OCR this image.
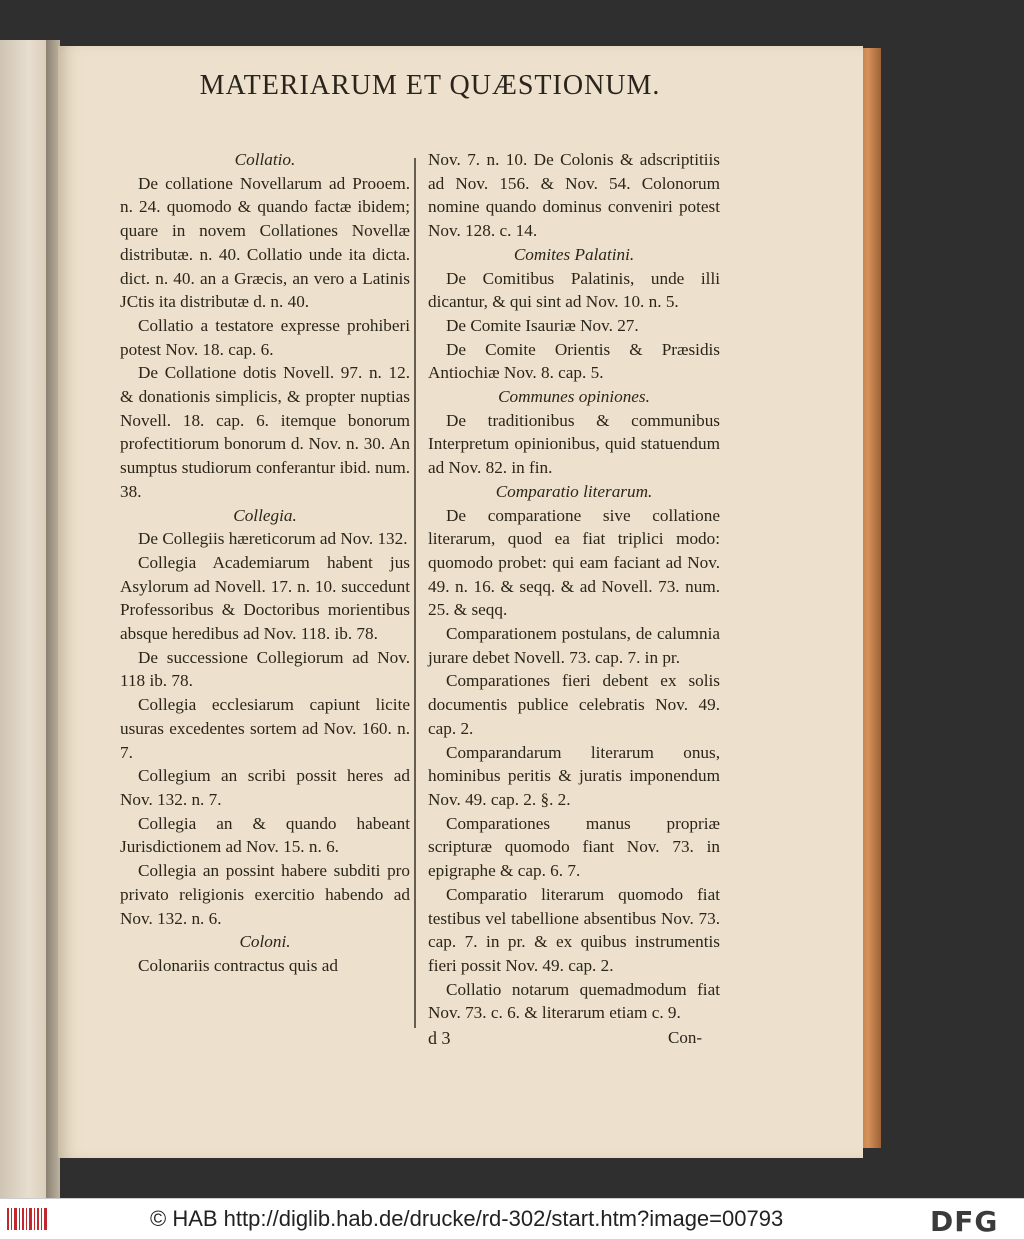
MATERIARUM ET QUÆSTIONUM.

Collatio.

De collatione Novellarum ad Prooem. n. 24. quomodo & quando factæ ibidem; quare in novem Collationes Novellæ distributæ. n. 40. Collatio unde ita dicta. dict. n. 40. an a Græcis, an vero a Latinis JCtis ita distributæ d. n. 40.

Collatio a testatore expresse prohiberi potest Nov. 18. cap. 6.

De Collatione dotis Novell. 97. n. 12. & donationis simplicis, & propter nuptias Novell. 18. cap. 6. itemque bonorum profectitiorum bonorum d. Nov. n. 30. An sumptus studiorum conferantur ibid. num. 38.

Collegia.

De Collegiis hæreticorum ad Nov. 132.

Collegia Academiarum habent jus Asylorum ad Novell. 17. n. 10. succedunt Professoribus & Doctoribus morientibus absque heredibus ad Nov. 118. ib. 78.

De successione Collegiorum ad Nov. 118 ib. 78.

Collegia ecclesiarum capiunt licite usuras excedentes sortem ad Nov. 160. n. 7.

Collegium an scribi possit heres ad Nov. 132. n. 7.

Collegia an & quando habeant Jurisdictionem ad Nov. 15. n. 6.

Collegia an possint habere subditi pro privato religionis exercitio habendo ad Nov. 132. n. 6.

Coloni.

Colonariis contractus quis ad

Nov. 7. n. 10. De Colonis & adscriptitiis ad Nov. 156. & Nov. 54. Colonorum nomine quando dominus conveniri potest Nov. 128. c. 14.

Comites Palatini.

De Comitibus Palatinis, unde illi dicantur, & qui sint ad Nov. 10. n. 5.

De Comite Isauriæ Nov. 27.

De Comite Orientis & Præsidis Antiochiæ Nov. 8. cap. 5.

Communes opiniones.

De traditionibus & communibus Interpretum opinionibus, quid statuendum ad Nov. 82. in fin.

Comparatio literarum.

De comparatione sive collatione literarum, quod ea fiat triplici modo: quomodo probet: qui eam faciant ad Nov. 49. n. 16. & seqq. & ad Novell. 73. num. 25. & seqq.

Comparationem postulans, de calumnia jurare debet Novell. 73. cap. 7. in pr.

Comparationes fieri debent ex solis documentis publice celebratis Nov. 49. cap. 2.

Comparandarum literarum onus, hominibus peritis & juratis imponendum Nov. 49. cap. 2. §. 2.

Comparationes manus propriæ scripturæ quomodo fiant Nov. 73. in epigraphe & cap. 6. 7.

Comparatio literarum quomodo fiat testibus vel tabellione absentibus Nov. 73. cap. 7. in pr. & ex quibus instrumentis fieri possit Nov. 49. cap. 2.

Collatio notarum quemadmodum fiat Nov. 73. c. 6. & literarum etiam c. 9.

d 3	Con-
© HAB http://diglib.hab.de/drucke/rd-302/start.htm?image=00793	DFG
